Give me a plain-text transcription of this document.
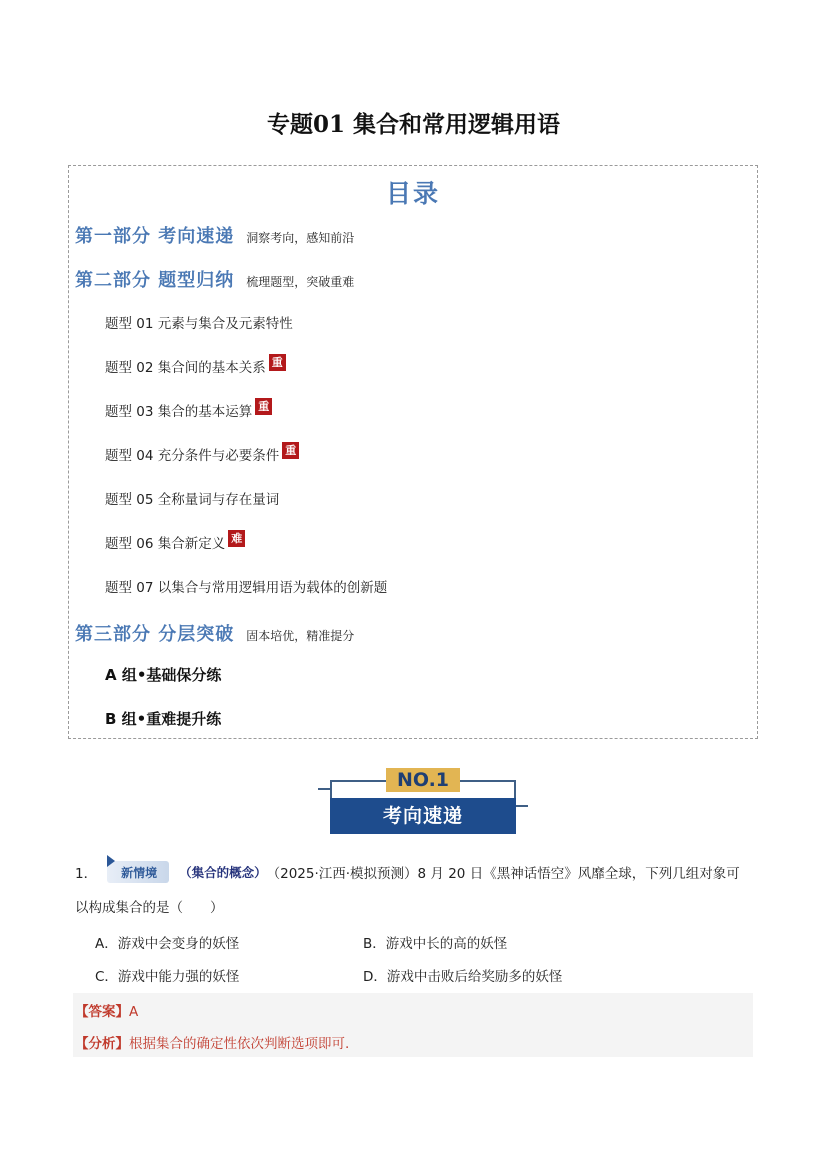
专题01 集合和常用逻辑用语
目录
第一部分 考向速递 洞察考向，感知前沿
第二部分 题型归纳 梳理题型，突破重难
题型 01 元素与集合及元素特性
题型 02 集合间的基本关系 重
题型 03 集合的基本运算 重
题型 04 充分条件与必要条件 重
题型 05 全称量词与存在量词
题型 06 集合新定义 难
题型 07 以集合与常用逻辑用语为载体的创新题
第三部分 分层突破 固本培优，精准提分
A 组•基础保分练
B 组•重难提升练
NO.1
考向速递
1． 新情境 （集合的概念） （2025·江西·模拟预测）8 月 20 日《黑神话悟空》风靡全球，下列几组对象可
以构成集合的是（　　）
A．游戏中会变身的妖怪	B．游戏中长的高的妖怪
C．游戏中能力强的妖怪	D．游戏中击败后给奖励多的妖怪
【答案】A
【分析】根据集合的确定性依次判断选项即可.
